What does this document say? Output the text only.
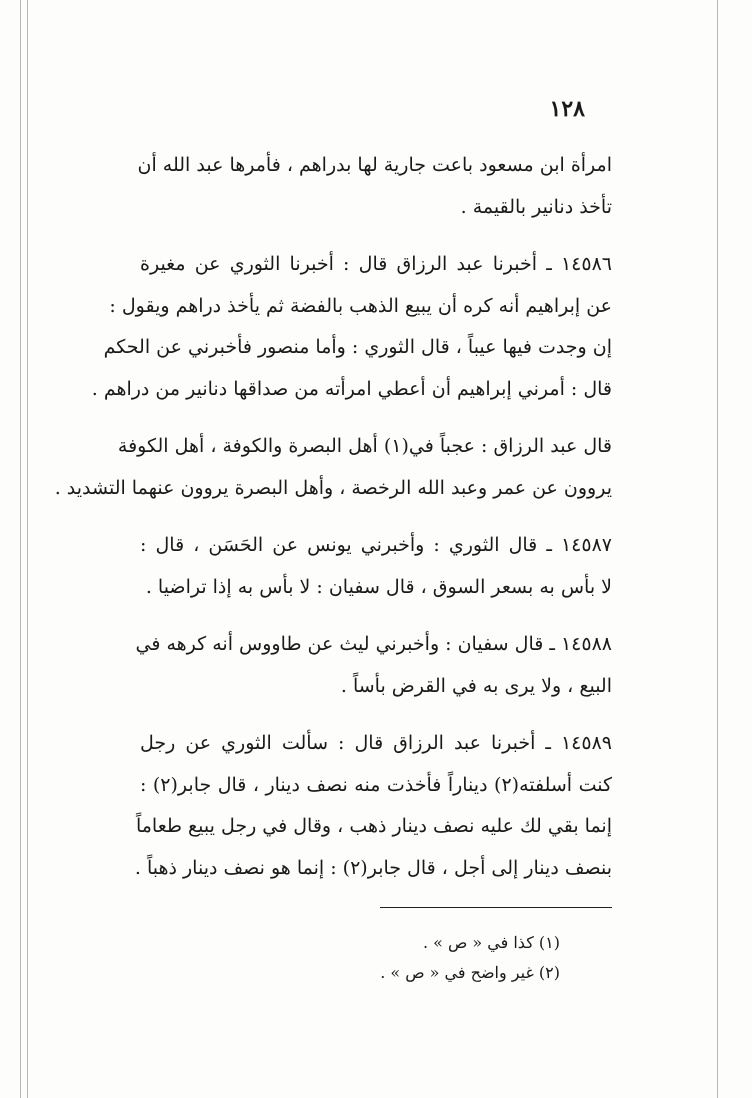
١٢٨
امرأة ابن مسعود باعت جارية لها بدراهم ، فأمرها عبد الله أن
تأخذ دنانير بالقيمة .
١٤٥٨٦ ـ أخبرنا عبد الرزاق قال : أخبرنا الثوري عن مغيرة
عن إبراهيم أنه كره أن يبيع الذهب بالفضة ثم يأخذ دراهم ويقول :
إن وجدت فيها عيباً ، قال الثوري : وأما منصور فأخبرني عن الحكم
قال : أمرني إبراهيم أن أعطي امرأته من صداقها دنانير من دراهم .
قال عبد الرزاق : عجباً في(١) أهل البصرة والكوفة ، أهل الكوفة
يروون عن عمر وعبد الله الرخصة ، وأهل البصرة يروون عنهما التشديد .
١٤٥٨٧ ـ قال الثوري : وأخبرني يونس عن الحَسَن ، قال :
لا بأس به بسعر السوق ، قال سفيان : لا بأس به إذا تراضيا .
١٤٥٨٨ ـ قال سفيان : وأخبرني ليث عن طاووس أنه كرهه في
البيع ، ولا يرى به في القرض بأساً .
١٤٥٨٩ ـ أخبرنا عبد الرزاق قال : سألت الثوري عن رجل
كنت أسلفته(٢) ديناراً فأخذت منه نصف دينار ، قال جابر(٢) :
إنما بقي لك عليه نصف دينار ذهب ، وقال في رجل يبيع طعاماً
بنصف دينار إلى أجل ، قال جابر(٢) : إنما هو نصف دينار ذهباً .
(١) كذا في « ص » .
(٢) غير واضح في « ص » .
